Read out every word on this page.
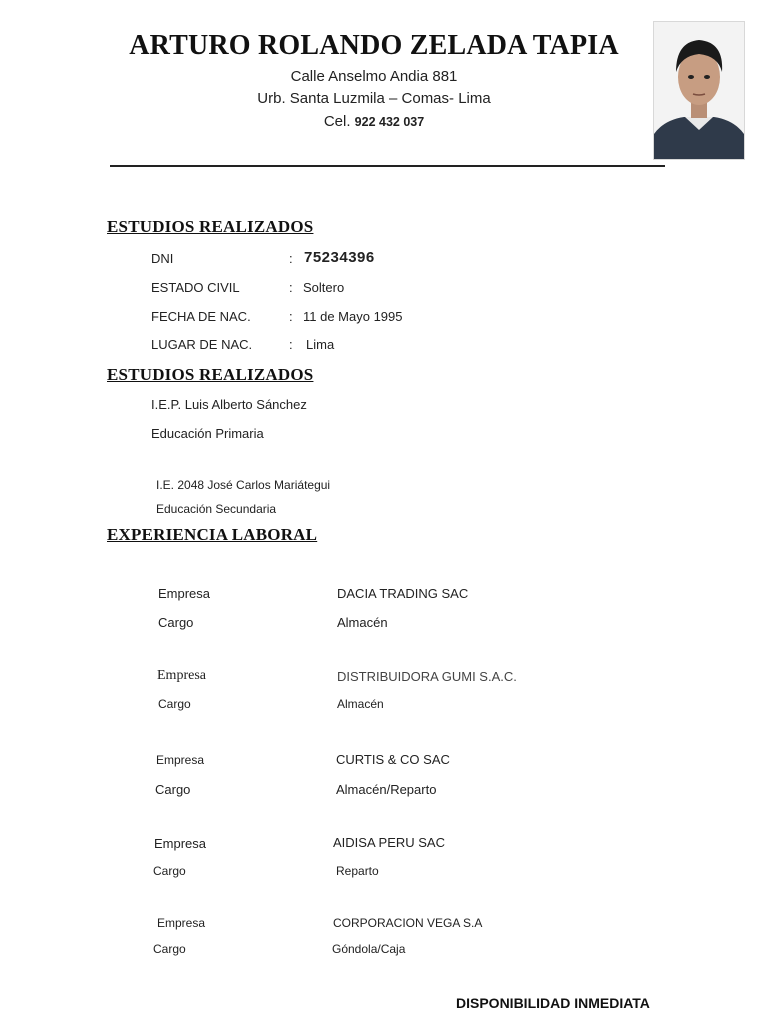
ARTURO ROLANDO ZELADA TAPIA
Calle Anselmo Andia 881
Urb. Santa Luzmila – Comas- Lima
Cel. 922 432 037
ESTUDIOS REALIZADOS
DNI	: 75234396
ESTADO CIVIL	: Soltero
FECHA DE NAC.	: 11 de Mayo 1995
LUGAR DE NAC.	: Lima
ESTUDIOS REALIZADOS
I.E.P. Luis Alberto Sánchez
Educación Primaria
I.E. 2048 José Carlos Mariátegui
Educación Secundaria
EXPERIENCIA LABORAL
Empresa	DACIA TRADING SAC
Cargo	Almacén
Empresa	DISTRIBUIDORA GUMI S.A.C.
Cargo	Almacén
Empresa	CURTIS & CO SAC
Cargo	Almacén/Reparto
Empresa	AIDISA PERU SAC
Cargo	Reparto
Empresa	CORPORACION VEGA S.A
Cargo	Góndola/Caja
DISPONIBILIDAD INMEDIATA
